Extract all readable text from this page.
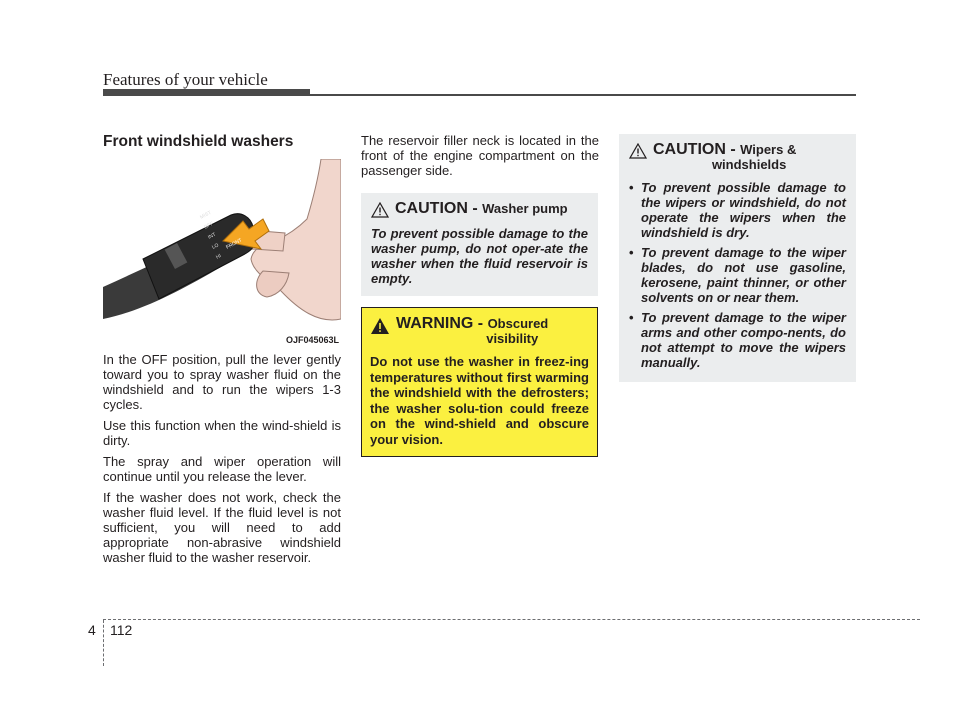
Features of your vehicle
Front windshield washers
MIST
OFF
INT
LO
HI
FRONT
OJF045063L

In the OFF position, pull the lever gently toward you to spray washer fluid on the windshield and to run the wipers 1-3 cycles.

Use this function when the wind-shield is dirty.

The spray and wiper operation will continue until you release the lever.

If the washer does not work, check the washer fluid level. If the fluid level is not sufficient, you will need to add appropriate non-abrasive windshield washer fluid to the washer reservoir.

The reservoir filler neck is located in the front of the engine compartment on the passenger side.

CAUTION - Washer pump

To prevent possible damage to the washer pump, do not oper-ate the washer when the fluid reservoir is empty.

WARNING - Obscured
visibility

Do not use the washer in freez-ing temperatures without first warming the windshield with the defrosters; the washer solu-tion could freeze on the wind-shield and obscure your vision.

CAUTION - Wipers &
windshields
• To prevent possible damage to the wipers or windshield, do not operate the wipers when the windshield is dry.
• To prevent damage to the wiper blades, do not use gasoline, kerosene, paint thinner, or other solvents on or near them.
• To prevent damage to the wiper arms and other compo-nents, do not attempt to move the wipers manually.
4 112
